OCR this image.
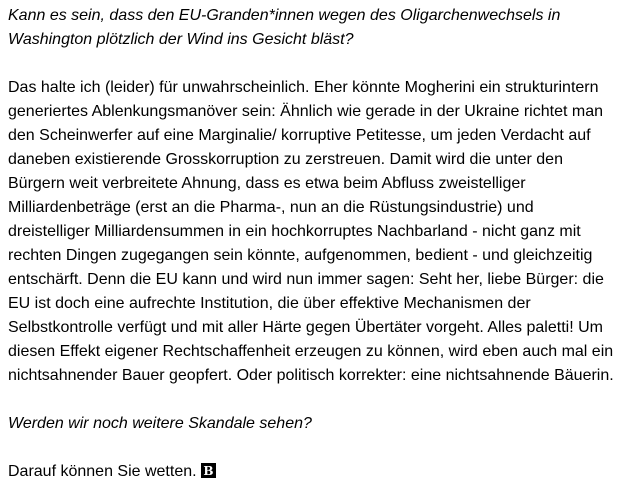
Kann es sein, dass den EU-Granden*innen wegen des Oligarchenwechsels in Washington plötzlich der Wind ins Gesicht bläst?

Das halte ich (leider) für unwahrscheinlich. Eher könnte Mogherini ein strukturintern generiertes Ablenkungsmanöver sein: Ähnlich wie gerade in der Ukraine richtet man den Scheinwerfer auf eine Marginalie/ korruptive Petitesse, um jeden Verdacht auf daneben existierende Grosskorruption zu zerstreuen. Damit wird die unter den Bürgern weit verbreitete Ahnung, dass es etwa beim Abfluss zweistelliger Milliardenbeträge (erst an die Pharma-, nun an die Rüstungsindustrie) und dreistelliger Milliardensummen in ein hochkorruptes Nachbarland - nicht ganz mit rechten Dingen zugegangen sein könnte, aufgenommen, bedient - und gleichzeitig entschärft. Denn die EU kann und wird nun immer sagen: Seht her, liebe Bürger: die EU ist doch eine aufrechte Institution, die über effektive Mechanismen der Selbstkontrolle verfügt und mit aller Härte gegen Übertäter vorgeht. Alles paletti! Um diesen Effekt eigener Rechtschaffenheit erzeugen zu können, wird eben auch mal ein nichtsahnender Bauer geopfert. Oder politisch korrekter: eine nichtsahnende Bäuerin.

Werden wir noch weitere Skandale sehen?

Darauf können Sie wetten. B
